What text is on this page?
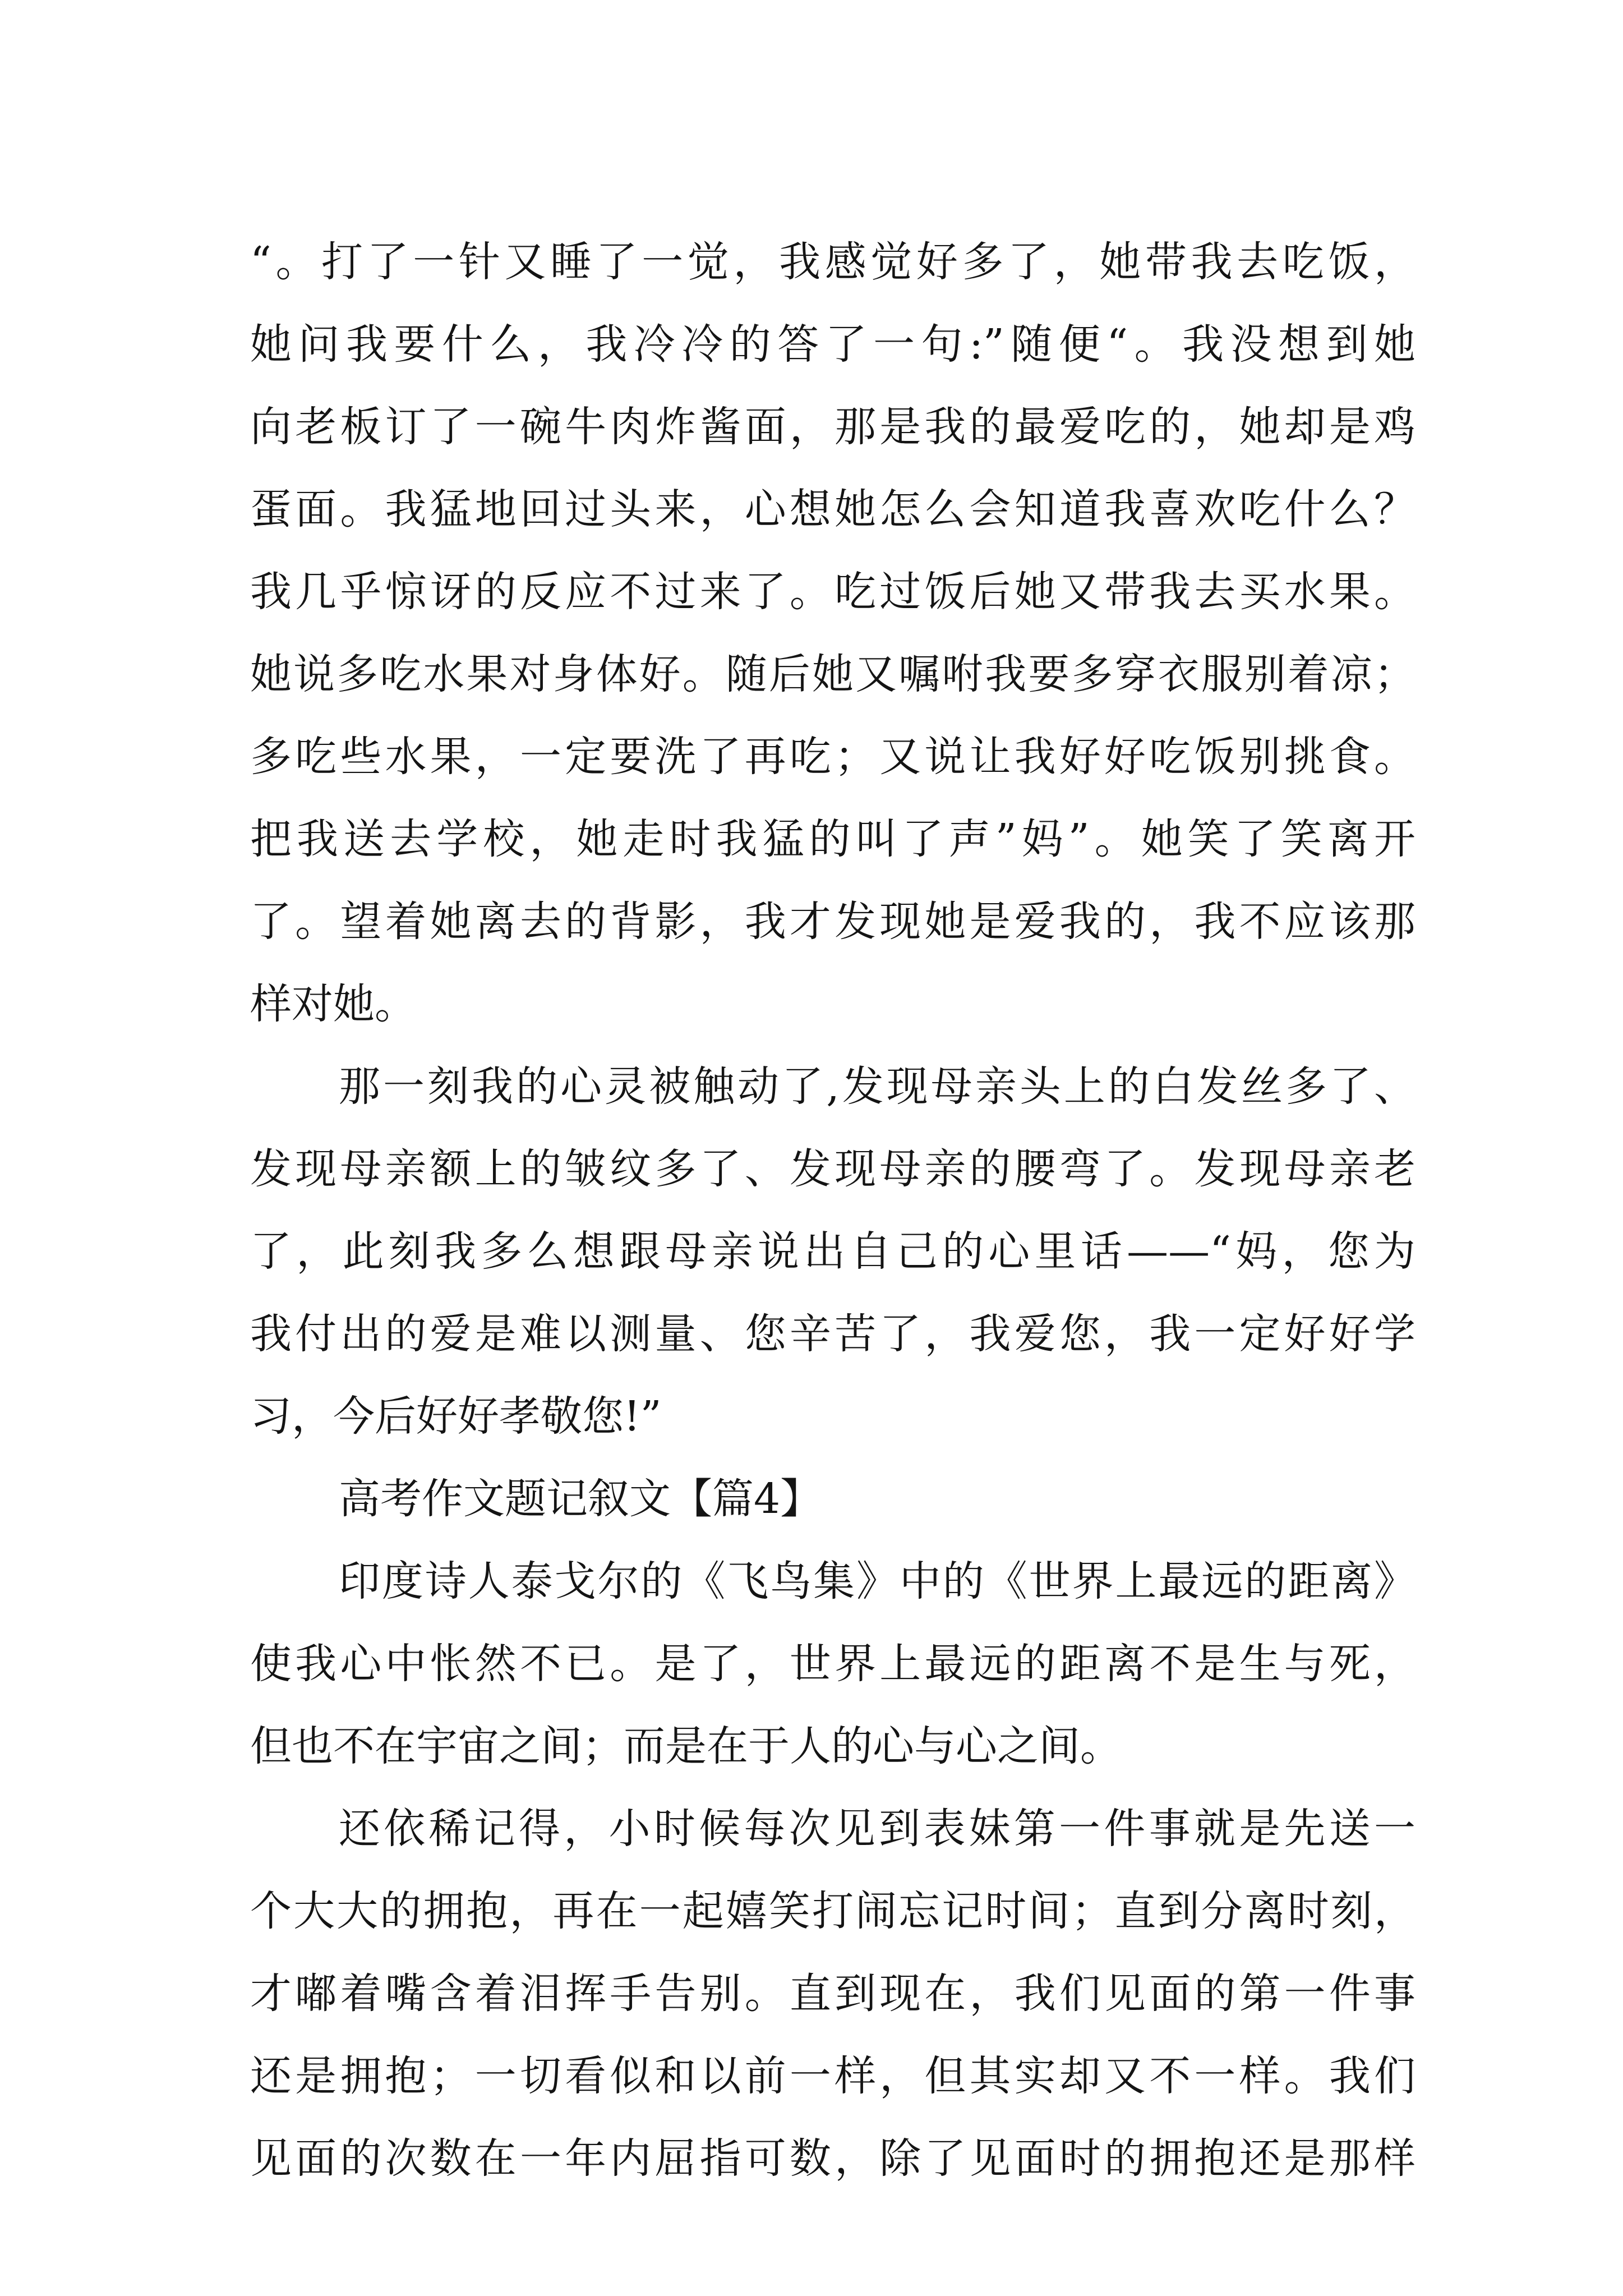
“。打了一针又睡了一觉，我感觉好多了，她带我去吃饭，
她问我要什么，我冷冷的答了一句:”随便“。我没想到她
向老板订了一碗牛肉炸酱面，那是我的最爱吃的，她却是鸡
蛋面。我猛地回过头来，心想她怎么会知道我喜欢吃什么？
我几乎惊讶的反应不过来了。吃过饭后她又带我去买水果。
她说多吃水果对身体好。随后她又嘱咐我要多穿衣服别着凉；
多吃些水果，一定要洗了再吃；又说让我好好吃饭别挑食。
把我送去学校，她走时我猛的叫了声”妈”。她笑了笑离开
了。望着她离去的背影，我才发现她是爱我的，我不应该那
样对她。
那一刻我的心灵被触动了,发现母亲头上的白发丝多了、
发现母亲额上的皱纹多了、发现母亲的腰弯了。发现母亲老
了，此刻我多么想跟母亲说出自己的心里话——“妈，您为
我付出的爱是难以测量、您辛苦了，我爱您，我一定好好学
习，今后好好孝敬您!”
高考作文题记叙文【篇4】
印度诗人泰戈尔的《飞鸟集》中的《世界上最远的距离》
使我心中怅然不已。是了，世界上最远的距离不是生与死，
但也不在宇宙之间；而是在于人的心与心之间。
还依稀记得，小时候每次见到表妹第一件事就是先送一
个大大的拥抱，再在一起嬉笑打闹忘记时间；直到分离时刻，
才嘟着嘴含着泪挥手告别。直到现在，我们见面的第一件事
还是拥抱；一切看似和以前一样，但其实却又不一样。我们
见面的次数在一年内屈指可数，除了见面时的拥抱还是那样
